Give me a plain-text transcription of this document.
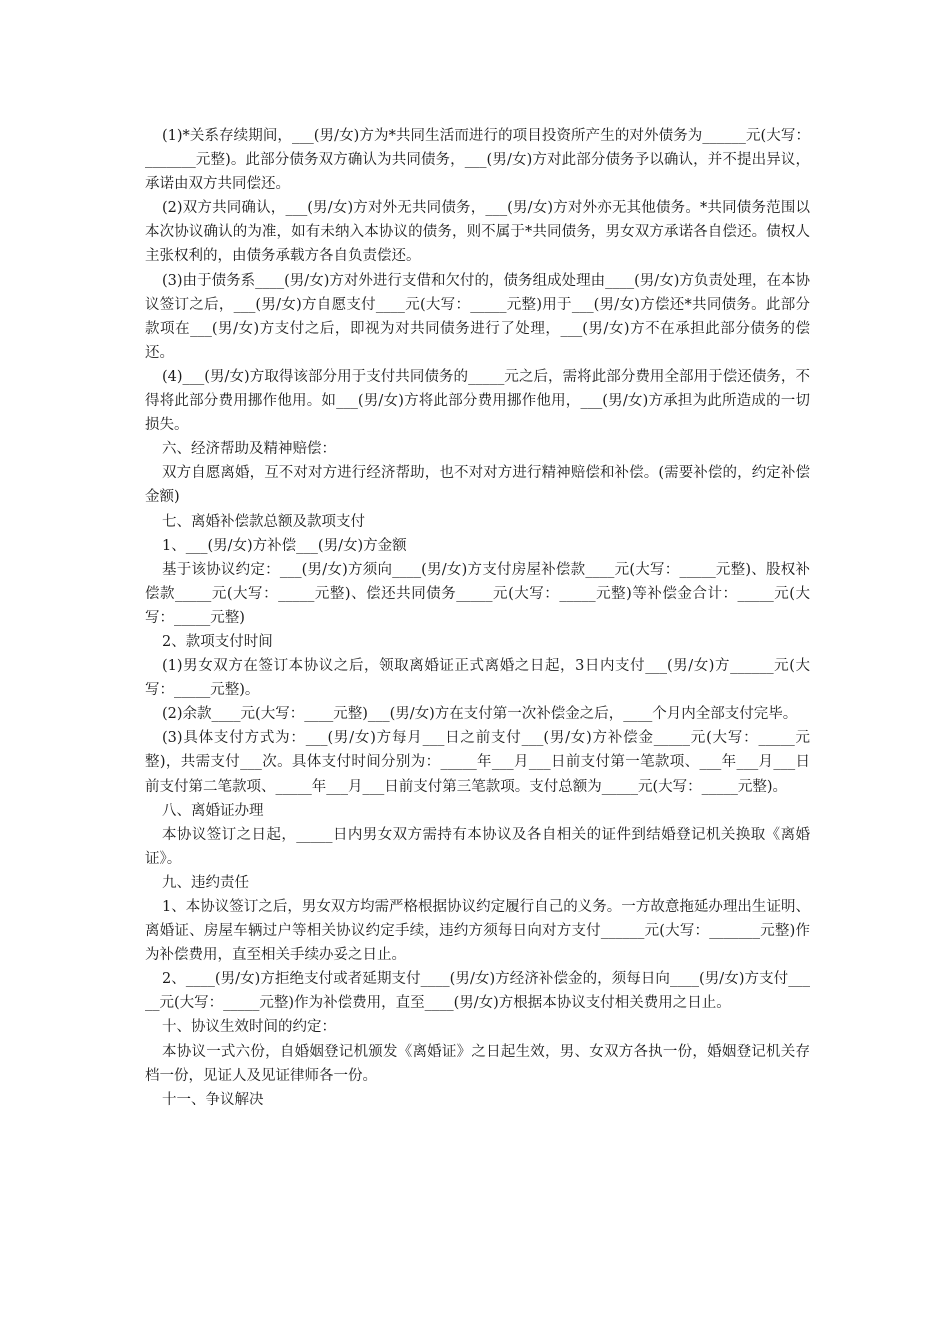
(1)*关系存续期间，___(男/女)方为*共同生活而进行的项目投资所产生的对外债务为______元(大写：_______元整)。此部分债务双方确认为共同债务，___(男/女)方对此部分债务予以确认，并不提出异议，承诺由双方共同偿还。

(2)双方共同确认，___(男/女)方对外无共同债务，___(男/女)方对外亦无其他债务。*共同债务范围以本次协议确认的为准，如有未纳入本协议的债务，则不属于*共同债务，男女双方承诺各自偿还。债权人主张权利的，由债务承载方各自负责偿还。

(3)由于债务系____(男/女)方对外进行支借和欠付的，债务组成处理由____(男/女)方负责处理，在本协议签订之后，___(男/女)方自愿支付____元(大写：_____元整)用于___(男/女)方偿还*共同债务。此部分款项在___(男/女)方支付之后，即视为对共同债务进行了处理，___(男/女)方不在承担此部分债务的偿还。

(4)___(男/女)方取得该部分用于支付共同债务的_____元之后，需将此部分费用全部用于偿还债务，不得将此部分费用挪作他用。如___(男/女)方将此部分费用挪作他用，___(男/女)方承担为此所造成的一切损失。

六、经济帮助及精神赔偿：

双方自愿离婚，互不对对方进行经济帮助，也不对对方进行精神赔偿和补偿。(需要补偿的，约定补偿金额)

七、离婚补偿款总额及款项支付

1、___(男/女)方补偿___(男/女)方金额

基于该协议约定：___(男/女)方须向____(男/女)方支付房屋补偿款____元(大写：_____元整)、股权补偿款_____元(大写：_____元整)、偿还共同债务_____元(大写：_____元整)等补偿金合计：_____元(大写：_____元整)

2、款项支付时间

(1)男女双方在签订本协议之后，领取离婚证正式离婚之日起，3日内支付___(男/女)方______元(大写：_____元整)。

(2)余款____元(大写：____元整)___(男/女)方在支付第一次补偿金之后，____个月内全部支付完毕。

(3)具体支付方式为：___(男/女)方每月___日之前支付___(男/女)方补偿金_____元(大写：_____元整)，共需支付___次。具体支付时间分别为：_____年___月___日前支付第一笔款项、___年___月___日前支付第二笔款项、_____年___月___日前支付第三笔款项。支付总额为_____元(大写：_____元整)。

八、离婚证办理

本协议签订之日起，_____日内男女双方需持有本协议及各自相关的证件到结婚登记机关换取《离婚证》。

九、违约责任

1、本协议签订之后，男女双方均需严格根据协议约定履行自己的义务。一方故意拖延办理出生证明、离婚证、房屋车辆过户等相关协议约定手续，违约方须每日向对方支付______元(大写：_______元整)作为补偿费用，直至相关手续办妥之日止。

2、____(男/女)方拒绝支付或者延期支付____(男/女)方经济补偿金的，须每日向____(男/女)方支付_____元(大写：_____元整)作为补偿费用，直至____(男/女)方根据本协议支付相关费用之日止。

十、协议生效时间的约定：

本协议一式六份，自婚姻登记机颁发《离婚证》之日起生效，男、女双方各执一份，婚姻登记机关存档一份，见证人及见证律师各一份。

十一、争议解决
